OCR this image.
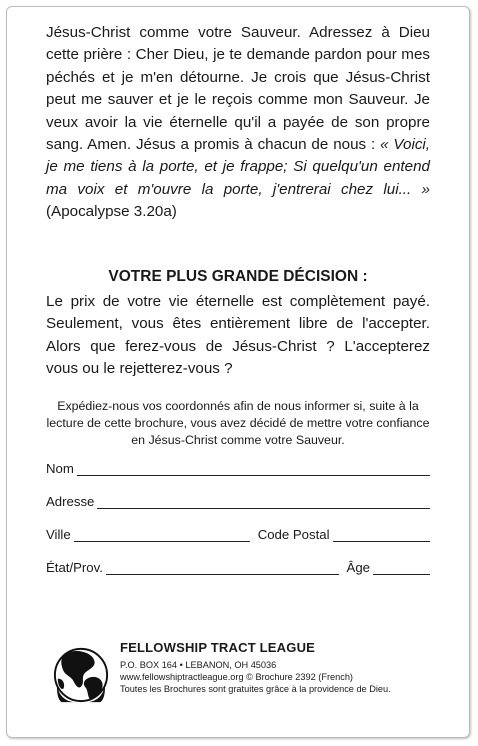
Jésus-Christ comme votre Sauveur. Adressez à Dieu cette prière : Cher Dieu, je te demande pardon pour mes péchés et je m'en détourne. Je crois que Jésus-Christ peut me sauver et je le reçois comme mon Sauveur. Je veux avoir la vie éternelle qu'il a payée de son propre sang. Amen. Jésus a promis à chacun de nous : « Voici, je me tiens à la porte, et je frappe; Si quelqu'un entend ma voix et m'ouvre la porte, j'entrerai chez lui... » (Apocalypse 3.20a)
VOTRE PLUS GRANDE DÉCISION :
Le prix de votre vie éternelle est complètement payé. Seulement, vous êtes entièrement libre de l'accepter. Alors que ferez-vous de Jésus-Christ ? L'accepterez vous ou le rejetterez-vous ?
Expédiez-nous vos coordonnés afin de nous informer si, suite à la lecture de cette brochure, vous avez décidé de mettre votre confiance en Jésus-Christ comme votre Sauveur.
Nom
Adresse
Ville	Code Postal
État/Prov.	Âge
FELLOWSHIP TRACT LEAGUE
P.O. BOX 164 • LEBANON, OH 45036
www.fellowshiptractleague.org © Brochure 2392 (French)
Toutes les Brochures sont gratuites grâce à la providence de Dieu.
